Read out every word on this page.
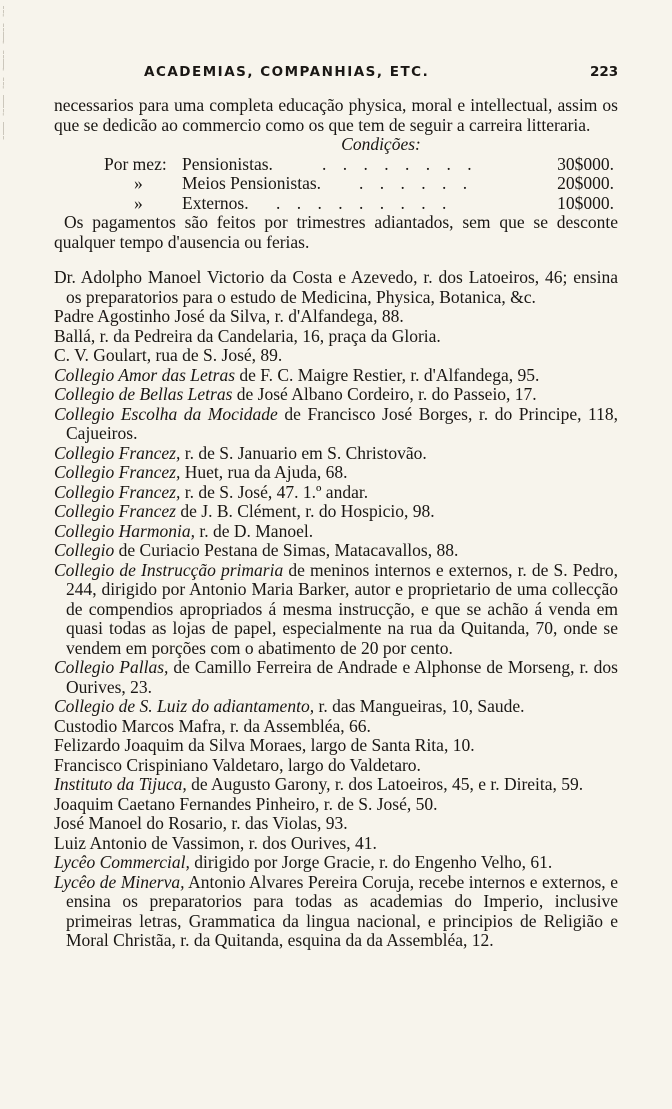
¦
'
¦
|
'
¦
|
'
¦
'
|
¦
'
|
¦
ACADEMIAS, COMPANHIAS, ETC.	223

necessarios para uma completa educação physica, moral e intellectual, assim os que se dedicão ao commercio como os que tem de seguir a carreira litteraria.

Condições:

Por mez: Pensionistas.	. . . . . . . .	30$000.
» Meios Pensionistas. . . . . . .	20$000.
» Externos. . . . . . . . . .	10$000.

Os pagamentos são feitos por trimestres adiantados, sem que se desconte qualquer tempo d'ausencia ou ferias.

Dr. Adolpho Manoel Victorio da Costa e Azevedo, r. dos Latoeiros, 46; ensina os preparatorios para o estudo de Medicina, Physica, Botanica, &c.

Padre Agostinho José da Silva, r. d'Alfandega, 88.

Ballá, r. da Pedreira da Candelaria, 16, praça da Gloria.

C. V. Goulart, rua de S. José, 89.

Collegio Amor das Letras de F. C. Maigre Restier, r. d'Alfandega, 95.

Collegio de Bellas Letras de José Albano Cordeiro, r. do Passeio, 17.

Collegio Escolha da Mocidade de Francisco José Borges, r. do Principe, 118, Cajueiros.

Collegio Francez, r. de S. Januario em S. Christovão.

Collegio Francez, Huet, rua da Ajuda, 68.

Collegio Francez, r. de S. José, 47. 1.º andar.

Collegio Francez de J. B. Clément, r. do Hospicio, 98.

Collegio Harmonia, r. de D. Manoel.

Collegio de Curiacio Pestana de Simas, Matacavallos, 88.

Collegio de Instrucção primaria de meninos internos e externos, r. de S. Pedro, 244, dirigido por Antonio Maria Barker, autor e proprietario de uma collecção de compendios apropriados á mesma instrucção, e que se achão á venda em quasi todas as lojas de papel, especialmente na rua da Quitanda, 70, onde se vendem em porções com o abatimento de 20 por cento.

Collegio Pallas, de Camillo Ferreira de Andrade e Alphonse de Morseng, r. dos Ourives, 23.

Collegio de S. Luiz do adiantamento, r. das Mangueiras, 10, Saude.

Custodio Marcos Mafra, r. da Assembléa, 66.

Felizardo Joaquim da Silva Moraes, largo de Santa Rita, 10.

Francisco Crispiniano Valdetaro, largo do Valdetaro.

Instituto da Tijuca, de Augusto Garony, r. dos Latoeiros, 45, e r. Direita, 59.

Joaquim Caetano Fernandes Pinheiro, r. de S. José, 50.

José Manoel do Rosario, r. das Violas, 93.

Luiz Antonio de Vassimon, r. dos Ourives, 41.

Lycêo Commercial, dirigido por Jorge Gracie, r. do Engenho Velho, 61.

Lycêo de Minerva, Antonio Alvares Pereira Coruja, recebe internos e externos, e ensina os preparatorios para todas as academias do Imperio, inclusive primeiras letras, Grammatica da lingua nacional, e principios de Religião e Moral Christãa, r. da Quitanda, esquina da da Assembléa, 12.
